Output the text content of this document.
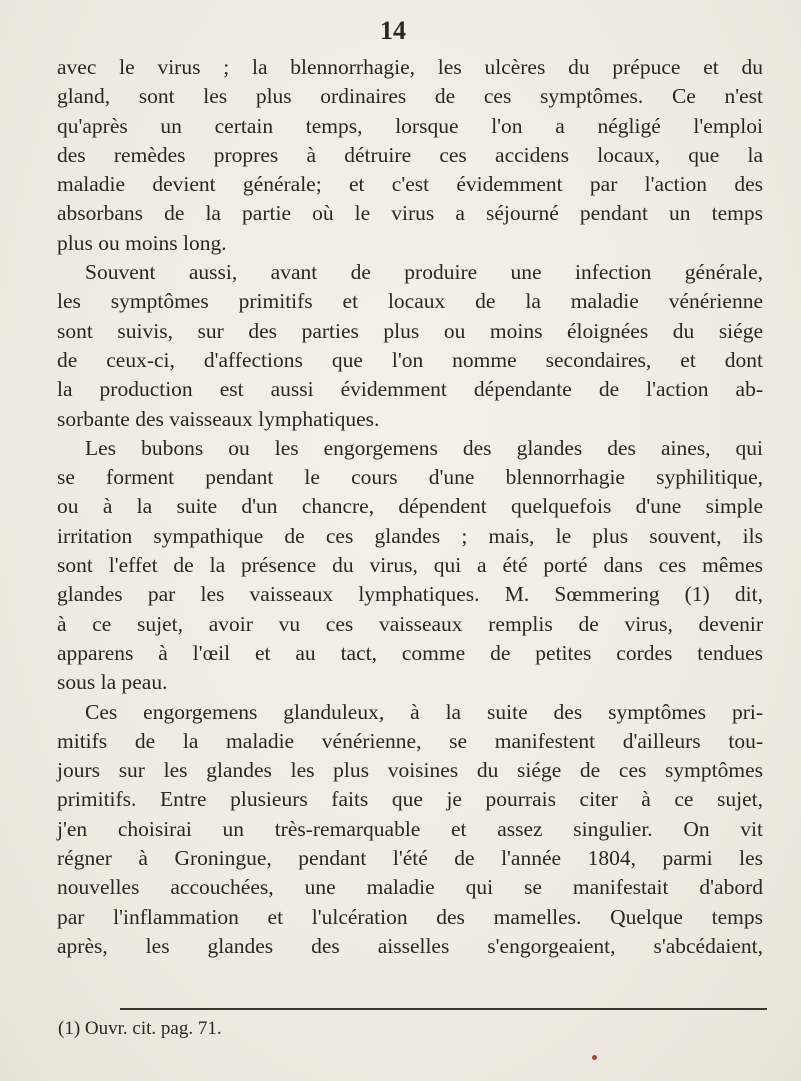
14
avec le virus ; la blennorrhagie, les ulcères du prépuce et du
gland, sont les plus ordinaires de ces symptômes. Ce n'est
qu'après un certain temps, lorsque l'on a négligé l'emploi
des remèdes propres à détruire ces accidens locaux, que la
maladie devient générale; et c'est évidemment par l'action des
absorbans de la partie où le virus a séjourné pendant un temps
plus ou moins long.
Souvent aussi, avant de produire une infection générale,
les symptômes primitifs et locaux de la maladie vénérienne
sont suivis, sur des parties plus ou moins éloignées du siége
de ceux-ci, d'affections que l'on nomme secondaires, et dont
la production est aussi évidemment dépendante de l'action ab-
sorbante des vaisseaux lymphatiques.
Les bubons ou les engorgemens des glandes des aines, qui
se forment pendant le cours d'une blennorrhagie syphilitique,
ou à la suite d'un chancre, dépendent quelquefois d'une simple
irritation sympathique de ces glandes ; mais, le plus souvent, ils
sont l'effet de la présence du virus, qui a été porté dans ces mêmes
glandes par les vaisseaux lymphatiques. M. Sœmmering (1) dit,
à ce sujet, avoir vu ces vaisseaux remplis de virus, devenir
apparens à l'œil et au tact, comme de petites cordes tendues
sous la peau.
Ces engorgemens glanduleux, à la suite des symptômes pri-
mitifs de la maladie vénérienne, se manifestent d'ailleurs tou-
jours sur les glandes les plus voisines du siége de ces symptômes
primitifs. Entre plusieurs faits que je pourrais citer à ce sujet,
j'en choisirai un très-remarquable et assez singulier. On vit
régner à Groningue, pendant l'été de l'année 1804, parmi les
nouvelles accouchées, une maladie qui se manifestait d'abord
par l'inflammation et l'ulcération des mamelles. Quelque temps
après, les glandes des aisselles s'engorgeaient, s'abcédaient,
(1) Ouvr. cit. pag. 71.
